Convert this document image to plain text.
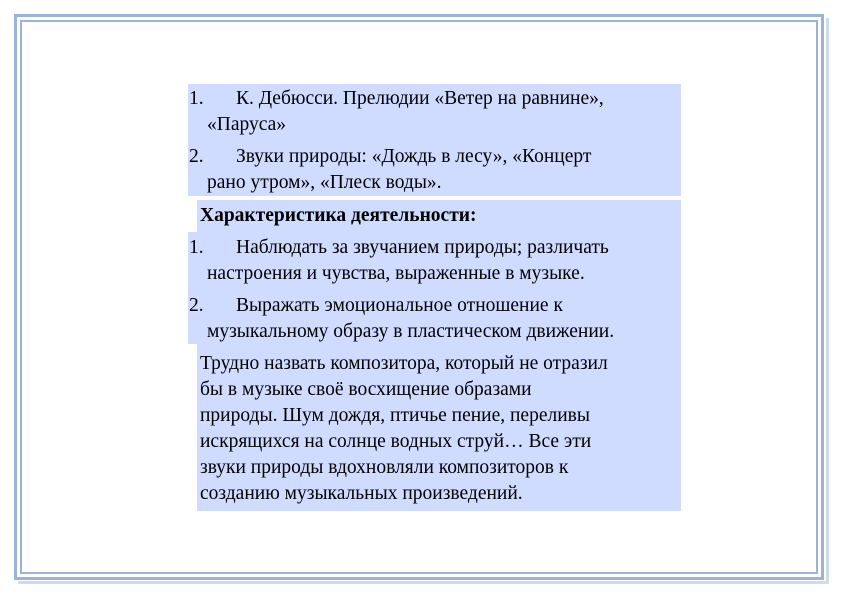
1. К. Дебюсси. Прелюдии «Ветер на равнине»,
«Паруса»
2. Звуки природы: «Дождь в лесу», «Концерт
рано утром», «Плеск воды».
Характеристика деятельности:
1. Наблюдать за звучанием природы; различать
настроения и чувства, выраженные в музыке.
2. Выражать эмоциональное отношение к
музыкальному образу в пластическом движении.
Трудно назвать композитора, который не отразил
бы в музыке своё восхищение образами
природы. Шум дождя, птичье пение, переливы
искрящихся на солнце водных струй… Все эти
звуки природы вдохновляли композиторов к
созданию музыкальных произведений.
